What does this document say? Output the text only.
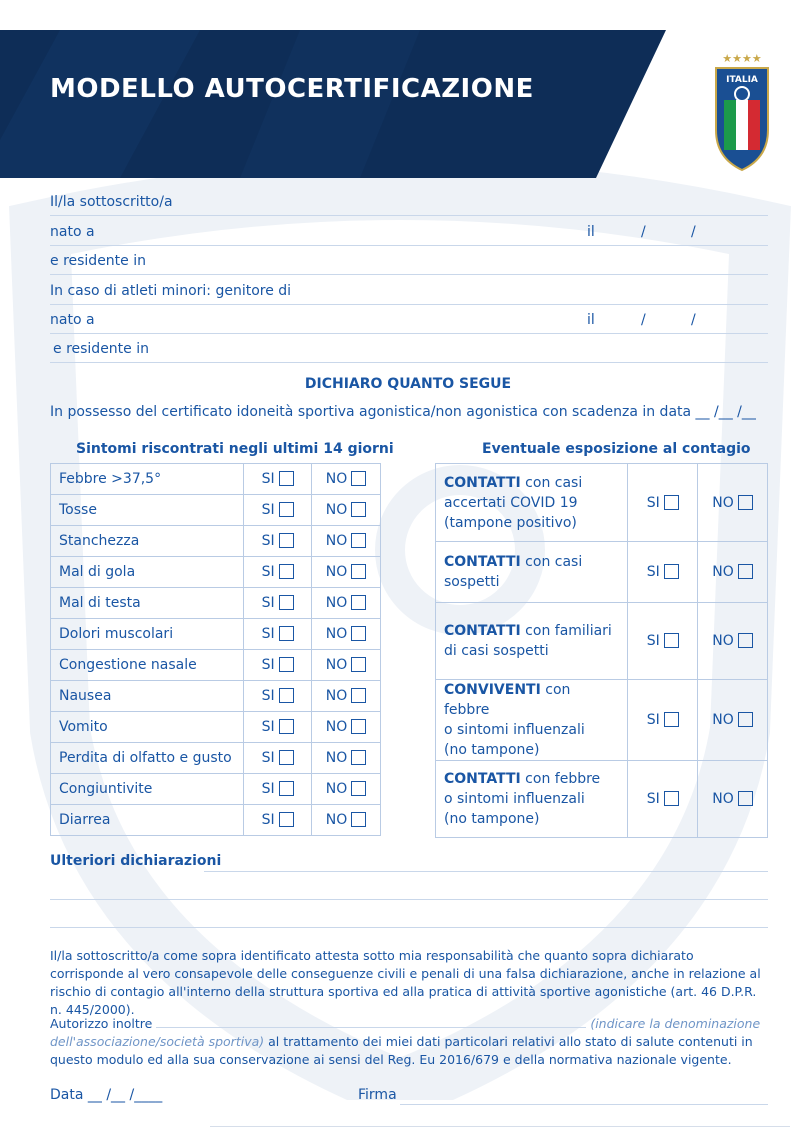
MODELLO AUTOCERTIFICAZIONE
★★★★
ITALIA
Il/la sottoscritto/a
nato a	il	/	/
e residente in
In caso di atleti minori: genitore di
nato a	il	/	/
e residente in
DICHIARO QUANTO SEGUE
In possesso del certificato idoneità sportiva agonistica/non agonistica con scadenza in data __ /__ /__
Sintomi riscontrati negli ultimi 14 giorni
Febbre >37,5°	SI	NO
Tosse	SI	NO
Stanchezza	SI	NO
Mal di gola	SI	NO
Mal di testa	SI	NO
Dolori muscolari	SI	NO
Congestione nasale	SI	NO
Nausea	SI	NO
Vomito	SI	NO
Perdita di olfatto e gusto	SI	NO
Congiuntivite	SI	NO
Diarrea	SI	NO
Eventuale esposizione al contagio
CONTATTI con casi
accertati COVID 19
(tampone positivo)	SI	NO
CONTATTI con casi
sospetti	SI	NO
CONTATTI con familiari
di casi sospetti	SI	NO
CONVIVENTI con febbre
o sintomi influenzali
(no tampone)	SI	NO
CONTATTI con febbre
o sintomi influenzali
(no tampone)	SI	NO
Ulteriori dichiarazioni
Il/la sottoscritto/a come sopra identificato attesta sotto mia responsabilità che quanto sopra dichiarato corrisponde al vero consapevole delle conseguenze civili e penali di una falsa dichiarazione, anche in relazione al rischio di contagio all'interno della struttura sportiva ed alla pratica di attività sportive agonistiche (art. 46 D.P.R. n. 445/2000).
Autorizzo inoltre	(indicare la denominazione dell'associazione/società sportiva) al trattamento dei miei dati particolari relativi allo stato di salute contenuti in questo modulo ed alla sua conservazione ai sensi del Reg. Eu 2016/679 e della normativa nazionale vigente.
Data __ /__ /____	Firma
